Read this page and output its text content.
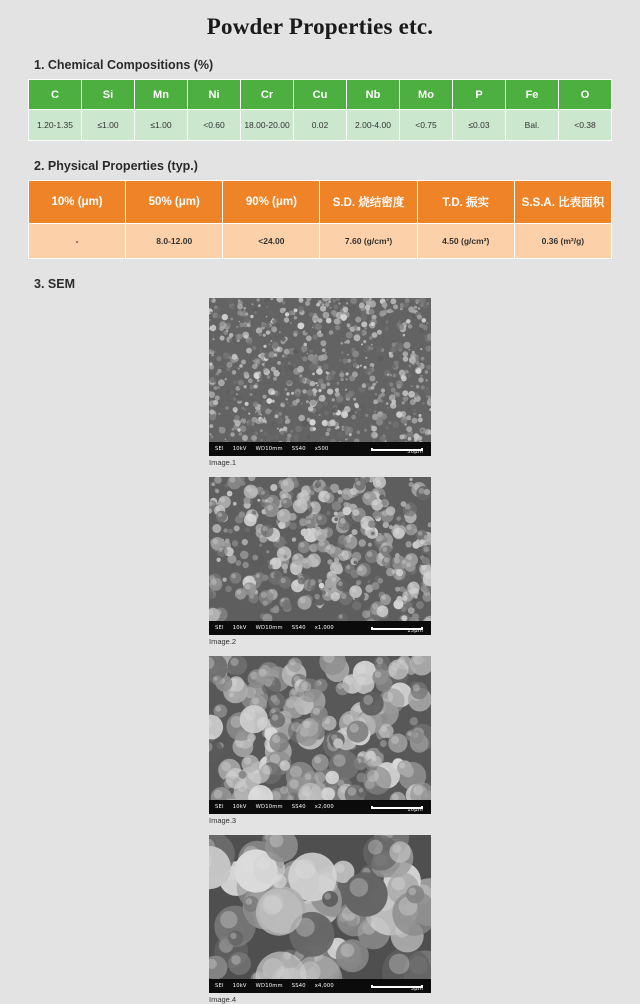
Powder Properties etc.
1. Chemical Compositions (%)
C	Si	Mn	Ni	Cr	Cu	Nb	Mo	P	Fe	O
1.20-1.35	≤1.00	≤1.00	<0.60	18.00-20.00	0.02	2.00-4.00	<0.75	≤0.03	Bal.	<0.38
2. Physical Properties (typ.)
10% (μm)	50% (μm)	90% (μm)	S.D. 烧结密度	T.D. 振实	S.S.A. 比表面积
-	8.0-12.00	<24.00	7.60 (g/cm³)	4.50 (g/cm³)	0.36 (m²/g)
3. SEM
SEI 10kV WD10mm SS40 x500	50μm
Image.1
SEI 10kV WD10mm SS40 x1,000	15μm
Image.2
SEI 10kV WD10mm SS40 x2,000	10μm
Image.3
SEI 10kV WD10mm SS40 x4,000	5μm
Image.4
